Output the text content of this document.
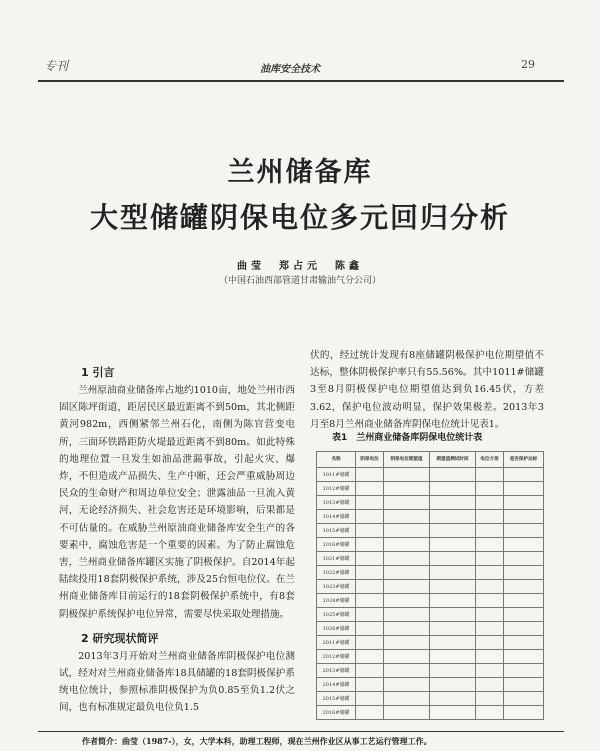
专刊	油库安全技术	29
兰州储备库
大型储罐阴保电位多元回归分析
曲莹　郑占元　陈鑫
（中国石油西部管道甘肃输油气分公司）
1 引言

兰州原油商业储备库占地约1010亩，地处兰州市西固区陈坪街道，距居民区最近距离不到50m，其北侧距黄河982m，西侧紧邻兰州石化，南侧为陈官营变电所，三面环铁路距防火堤最近距离不到80m。如此特殊的地理位置一旦发生如油品泄漏事故，引起火灾、爆炸，不但造成产品损失、生产中断，还会严重威胁周边民众的生命财产和周边单位安全；泄露油品一旦流入黄河，无论经济损失、社会危害还是环境影响，后果都是不可估量的。在威胁兰州原油商业储备库安全生产的各要素中，腐蚀危害是一个重要的因素。为了防止腐蚀危害，兰州商业储备库罐区实施了阴极保护。自2014年起陆续投用18套阴极保护系统，涉及25台恒电位仪。在兰州商业储备库目前运行的18套阴极保护系统中，有8套阴极保护系统保护电位异常，需要尽快采取处理措施。

2 研究现状简评

2013年3月开始对兰州商业储备库阴极保护电位测试，经对对兰州商业储备库18具储罐的18套阴极保护系统电位统计，参照标准阴极保护为负0.85至负1.2伏之间，也有标准规定最负电位负1.5

伏的，经过统计发现有8座储罐阴极保护电位期望值不达标，整体阴极保护率只有55.56%。其中1011#储罐3至8月阴极保护电位期望值达到负16.45伏，方差3.62，保护电位波动明显，保护效果极差。2013年3月至8月兰州商业储备库阴保电位统计见表1。

表1　兰州商业储备库阴保电位统计表
名称	阴保电位	阴保电位期望值	期望值测试时间	电位方差	是否保护达标
1011#储罐					
1012#储罐					
1013#储罐					
1014#储罐					
1015#储罐					
1016#储罐					
1021#储罐					
1022#储罐					
1023#储罐					
1024#储罐					
1025#储罐					
1026#储罐					
2011#储罐					
2012#储罐					
2013#储罐					
2014#储罐					
2015#储罐					
2016#储罐					
作者简介：曲莹（1987-），女，大学本科，助理工程师，现在兰州作业区从事工艺运行管理工作。
